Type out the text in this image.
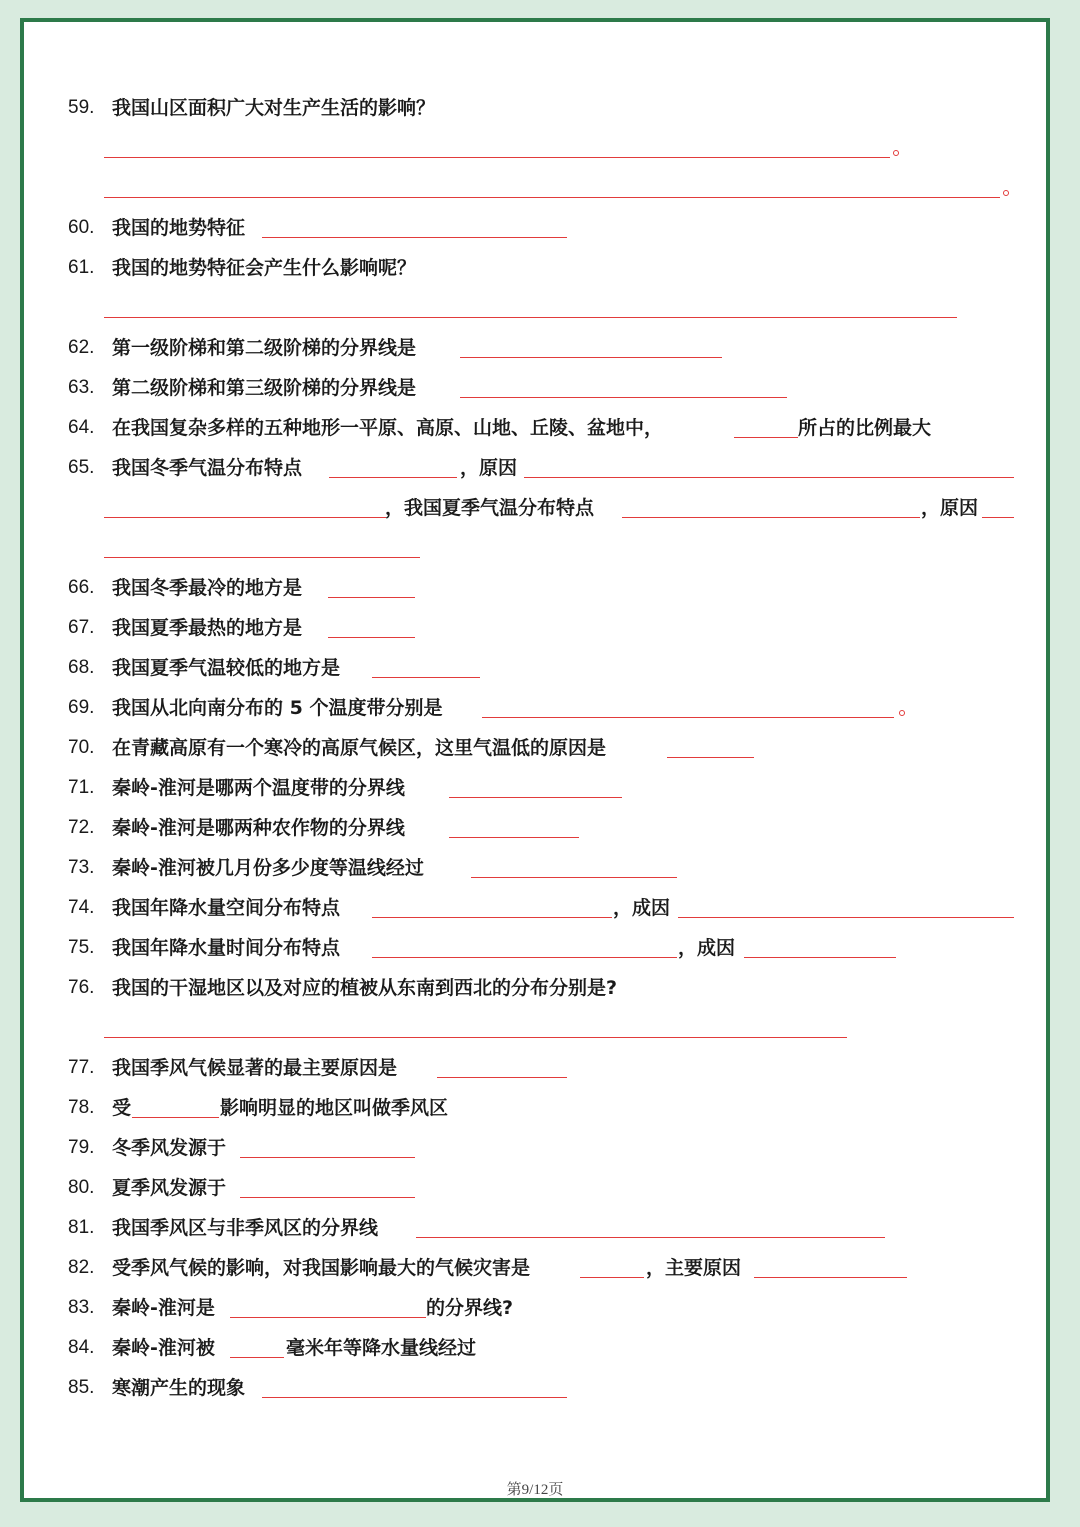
59. 我国山区面积广大对生产生活的影响？
60. 我国的地势特征
61. 我国的地势特征会产生什么影响呢？
62. 第一级阶梯和第二级阶梯的分界线是
63. 第二级阶梯和第三级阶梯的分界线是
64. 在我国复杂多样的五种地形一平原、高原、山地、丘陵、盆地中，	所占的比例最大
65. 我国冬季气温分布特点	，原因
，我国夏季气温分布特点	，原因
66. 我国冬季最冷的地方是
67. 我国夏季最热的地方是
68. 我国夏季气温较低的地方是
69. 我国从北向南分布的 5 个温度带分别是
70. 在青藏高原有一个寒冷的高原气候区，这里气温低的原因是
71. 秦岭-淮河是哪两个温度带的分界线
72. 秦岭-淮河是哪两种农作物的分界线
73. 秦岭-淮河被几月份多少度等温线经过
74. 我国年降水量空间分布特点	，成因
75. 我国年降水量时间分布特点	，成因
76. 我国的干湿地区以及对应的植被从东南到西北的分布分别是?
77. 我国季风气候显著的最主要原因是
78. 受	影响明显的地区叫做季风区
79. 冬季风发源于
80. 夏季风发源于
81. 我国季风区与非季风区的分界线
82. 受季风气候的影响，对我国影响最大的气候灾害是	，主要原因
83. 秦岭-淮河是	的分界线?
84. 秦岭-淮河被	毫米年等降水量线经过
85. 寒潮产生的现象
第9/12页
